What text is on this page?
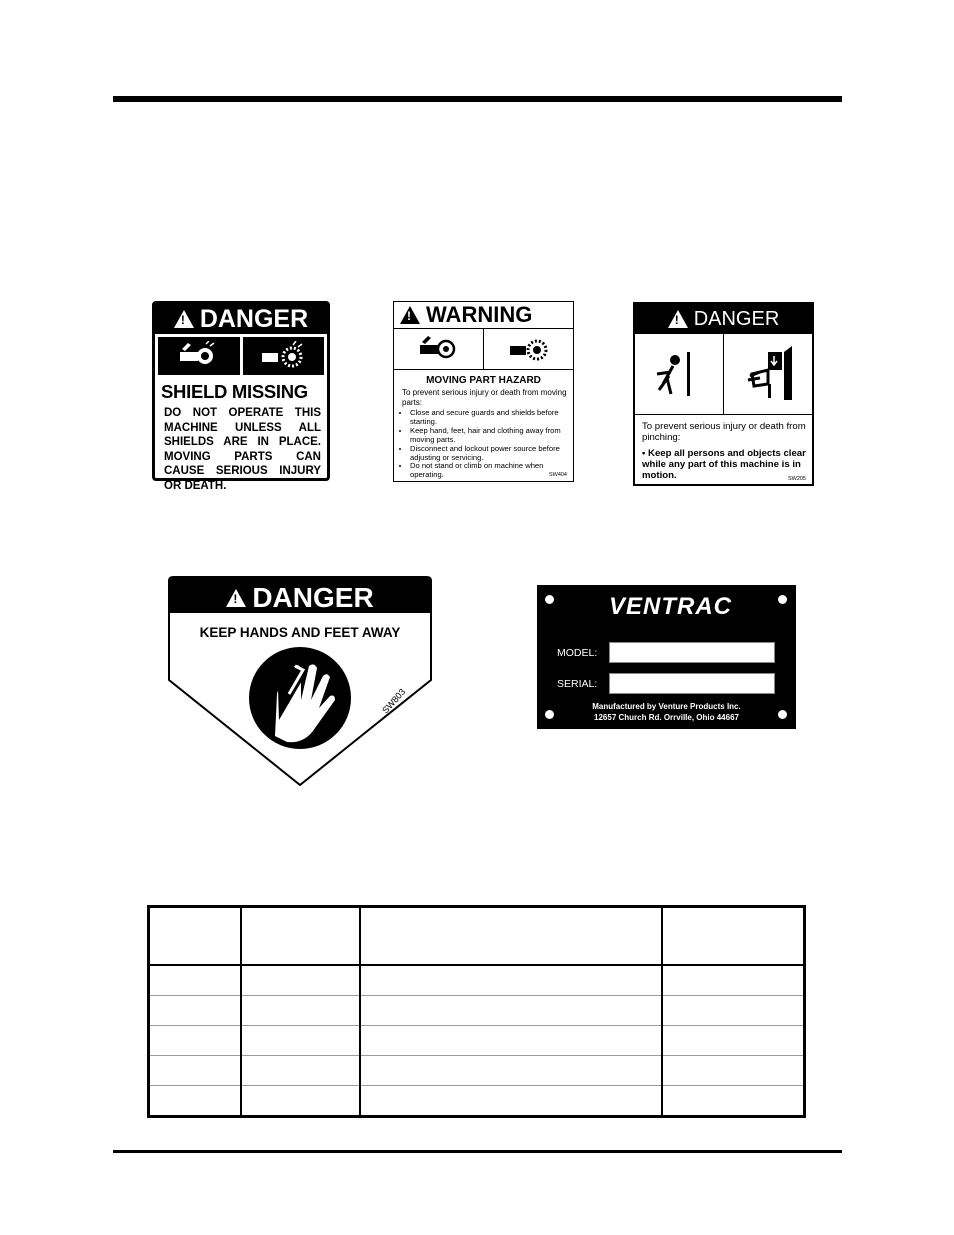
!
DANGER
SHIELD MISSING
DO NOT OPERATE THIS MACHINE UNLESS ALL SHIELDS ARE IN PLACE. MOVING PARTS CAN CAUSE SERIOUS INJURY OR DEATH.
!
WARNING
MOVING PART HAZARD
To prevent serious injury or death from moving parts:
• Close and secure guards and shields before starting.
• Keep hand, feet, hair and clothing away from moving parts.
• Disconnect and lockout power source before adjusting or servicing.
• Do not stand or climb on machine when operating.	SW404
!
DANGER
To prevent serious injury or death from pinching:
• Keep all persons and objects clear while any part of this machine is in motion.	SW205
!
DANGER
KEEP HANDS AND FEET AWAY
SW803
VENTRAC
MODEL:
SERIAL:
Manufactured by Venture Products Inc.
12657 Church Rd. Orrville, Ohio 44667
